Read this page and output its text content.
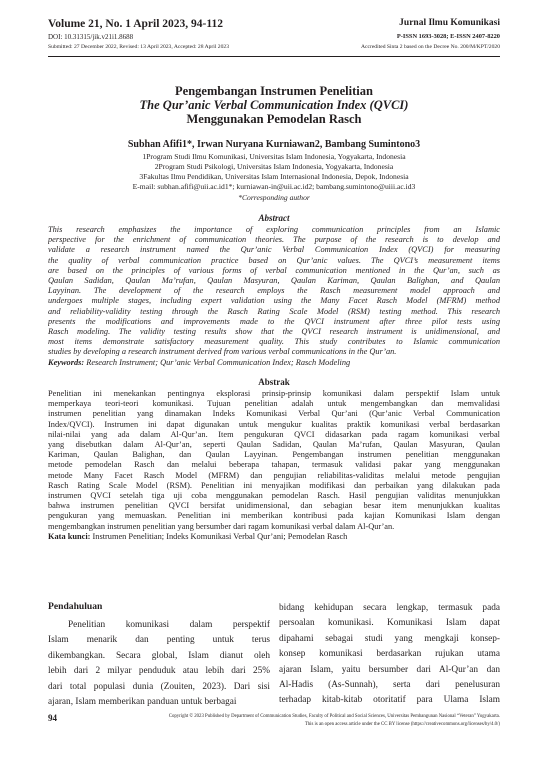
Volume 21, No. 1 April 2023, 94-112
DOI: 10.31315/jik.v21i1.8688
Submitted: 27 December 2022, Revised: 13 April 2023, Accepted: 28 April 2023
Jurnal Ilmu Komunikasi
P-ISSN 1693-3028; E-ISSN 2407-8220
Accredited Sinta 2 based on the Decree No. 200/M/KPT/2020
Pengembangan Instrumen Penelitian
The Qur’anic Verbal Communication Index (QVCI)
Menggunakan Pemodelan Rasch
Subhan Afifi1*, Irwan Nuryana Kurniawan2, Bambang Sumintono3
1Program Studi Ilmu Komunikasi, Universitas Islam Indonesia, Yogyakarta, Indonesia
2Program Studi Psikologi, Universitas Islam Indonesia, Yogyakarta, Indonesia
3Fakultas Ilmu Pendidikan, Universitas Islam Internasional Indonesia, Depok, Indonesia
E-mail: subhan.afifi@uii.ac.id1*; kurniawan-in@uii.ac.id2; bambang.sumintono@uiii.ac.id3
*Corresponding author
Abstract
This research emphasizes the importance of exploring communication principles from an Islamic
perspective for the enrichment of communication theories. The purpose of the research is to develop and
validate a research instrument named the Qur’anic Verbal Communication Index (QVCI) for measuring
the quality of verbal communication practice based on Qur’anic values. The QVCI’s measurement items
are based on the principles of various forms of verbal communication mentioned in the Qur’an, such as
Qaulan Sadidan, Qaulan Ma’rufan, Qaulan Masyuran, Qaulan Kariman, Qaulan Balighan, and Qaulan
Layyinan. The development of the research employs the Rasch measurement model approach and
undergoes multiple stages, including expert validation using the Many Facet Rasch Model (MFRM) method
and reliability-validity testing through the Rasch Rating Scale Model (RSM) testing method. This research
presents the modifications and improvements made to the QVCI instrument after three pilot tests using
Rasch modeling. The validity testing results show that the QVCI research instrument is unidimensional, and
most items demonstrate satisfactory measurement quality. This study contributes to Islamic communication
studies by developing a research instrument derived from various verbal communications in the Qur’an.
Keywords: Research Instrument; Qur’anic Verbal Communication Index; Rasch Modeling
Abstrak
Penelitian ini menekankan pentingnya eksplorasi prinsip-prinsip komunikasi dalam perspektif Islam untuk
memperkaya teori-teori komunikasi. Tujuan penelitian adalah untuk mengembangkan dan memvalidasi
instrumen penelitian yang dinamakan Indeks Komunikasi Verbal Qur’ani (Qur’anic Verbal Communication
Index/QVCI). Instrumen ini dapat digunakan untuk mengukur kualitas praktik komunikasi verbal berdasarkan
nilai-nilai yang ada dalam Al-Qur’an. Item pengukuran QVCI didasarkan pada ragam komunikasi verbal
yang disebutkan dalam Al-Qur’an, seperti Qaulan Sadidan, Qaulan Ma’rufan, Qaulan Masyuran, Qaulan
Kariman, Qaulan Balighan, dan Qaulan Layyinan. Pengembangan instrumen penelitian menggunakan
metode pemodelan Rasch dan melalui beberapa tahapan, termasuk validasi pakar yang menggunakan
metode Many Facet Rasch Model (MFRM) dan pengujian reliabilitas-validitas melalui metode pengujian
Rasch Rating Scale Model (RSM). Penelitian ini menyajikan modifikasi dan perbaikan yang dilakukan pada
instrumen QVCI setelah tiga uji coba menggunakan pemodelan Rasch. Hasil pengujian validitas menunjukkan
bahwa instrumen penelitian QVCI bersifat unidimensional, dan sebagian besar item menunjukkan kualitas
pengukuran yang memuaskan. Penelitian ini memberikan kontribusi pada kajian Komunikasi Islam dengan
mengembangkan instrumen penelitian yang bersumber dari ragam komunikasi verbal dalam Al-Qur’an.
Kata kunci: Instrumen Penelitian; Indeks Komunikasi Verbal Qur’ani; Pemodelan Rasch
Pendahuluan
Penelitian komunikasi dalam perspektif
Islam menarik dan penting untuk terus
dikembangkan. Secara global, Islam dianut oleh
lebih dari 2 milyar penduduk atau lebih dari 25%
dari total populasi dunia (Zouiten, 2023). Dari sisi
ajaran, Islam memberikan panduan untuk berbagai
bidang kehidupan secara lengkap, termasuk pada
persoalan komunikasi. Komunikasi Islam dapat
dipahami sebagai studi yang mengkaji konsep-
konsep komunikasi berdasarkan rujukan utama
ajaran Islam, yaitu bersumber dari Al-Qur’an dan
Al-Hadis (As-Sunnah), serta dari penelusuran
terhadap kitab-kitab otoritatif para Ulama Islam
94	Copyright © 2023 Published by Department of Communication Studies, Faculty of Political and Social Sciences, Universitas Pembangunan Nasional “Veteran” Yogyakarta.
This is an open access article under the CC BY license (https://creativecommons.org/licenses/by/4.0/)
